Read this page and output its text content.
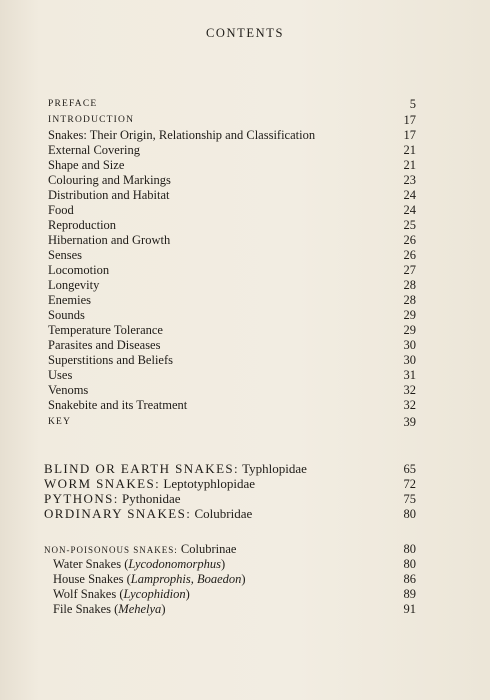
CONTENTS
PREFACE	5
INTRODUCTION	17
Snakes: Their Origin, Relationship and Classification	17
External Covering	21
Shape and Size	21
Colouring and Markings	23
Distribution and Habitat	24
Food	24
Reproduction	25
Hibernation and Growth	26
Senses	26
Locomotion	27
Longevity	28
Enemies	28
Sounds	29
Temperature Tolerance	29
Parasites and Diseases	30
Superstitions and Beliefs	30
Uses	31
Venoms	32
Snakebite and its Treatment	32
KEY	39
BLIND OR EARTH SNAKES: Typhlopidae	65
WORM SNAKES: Leptotyphlopidae	72
PYTHONS: Pythonidae	75
ORDINARY SNAKES: Colubridae	80
NON-POISONOUS SNAKES: Colubrinae	80
Water Snakes (Lycodonomorphus)	80
House Snakes (Lamprophis, Boaedon)	86
Wolf Snakes (Lycophidion)	89
File Snakes (Mehelya)	91
